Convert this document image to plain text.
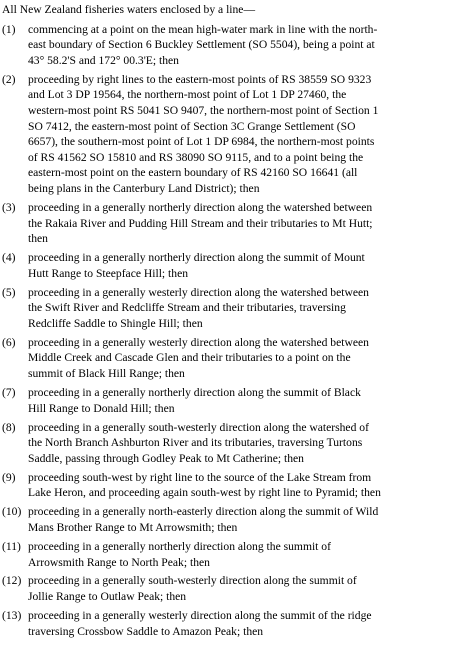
All New Zealand fisheries waters enclosed by a line—
(1)	commencing at a point on the mean high-water mark in line with the north-
east boundary of Section 6 Buckley Settlement (SO 5504), being a point at
43° 58.2'S and 172° 00.3'E; then
(2)	proceeding by right lines to the eastern-most points of RS 38559 SO 9323
and Lot 3 DP 19564, the northern-most point of Lot 1 DP 27460, the
western-most point RS 5041 SO 9407, the northern-most point of Section 1
SO 7412, the eastern-most point of Section 3C Grange Settlement (SO
6657), the southern-most point of Lot 1 DP 6984, the northern-most points
of RS 41562 SO 15810 and RS 38090 SO 9115, and to a point being the
eastern-most point on the eastern boundary of RS 42160 SO 16641 (all
being plans in the Canterbury Land District); then
(3)	proceeding in a generally northerly direction along the watershed between
the Rakaia River and Pudding Hill Stream and their tributaries to Mt Hutt;
then
(4)	proceeding in a generally northerly direction along the summit of Mount
Hutt Range to Steepface Hill; then
(5)	proceeding in a generally westerly direction along the watershed between
the Swift River and Redcliffe Stream and their tributaries, traversing
Redcliffe Saddle to Shingle Hill; then
(6)	proceeding in a generally westerly direction along the watershed between
Middle Creek and Cascade Glen and their tributaries to a point on the
summit of Black Hill Range; then
(7)	proceeding in a generally northerly direction along the summit of Black
Hill Range to Donald Hill; then
(8)	proceeding in a generally south-westerly direction along the watershed of
the North Branch Ashburton River and its tributaries, traversing Turtons
Saddle, passing through Godley Peak to Mt Catherine; then
(9)	proceeding south-west by right line to the source of the Lake Stream from
Lake Heron, and proceeding again south-west by right line to Pyramid; then
(10) proceeding in a generally north-easterly direction along the summit of Wild
Mans Brother Range to Mt Arrowsmith; then
(11) proceeding in a generally northerly direction along the summit of
Arrowsmith Range to North Peak; then
(12) proceeding in a generally south-westerly direction along the summit of
Jollie Range to Outlaw Peak; then
(13) proceeding in a generally westerly direction along the summit of the ridge
traversing Crossbow Saddle to Amazon Peak; then
